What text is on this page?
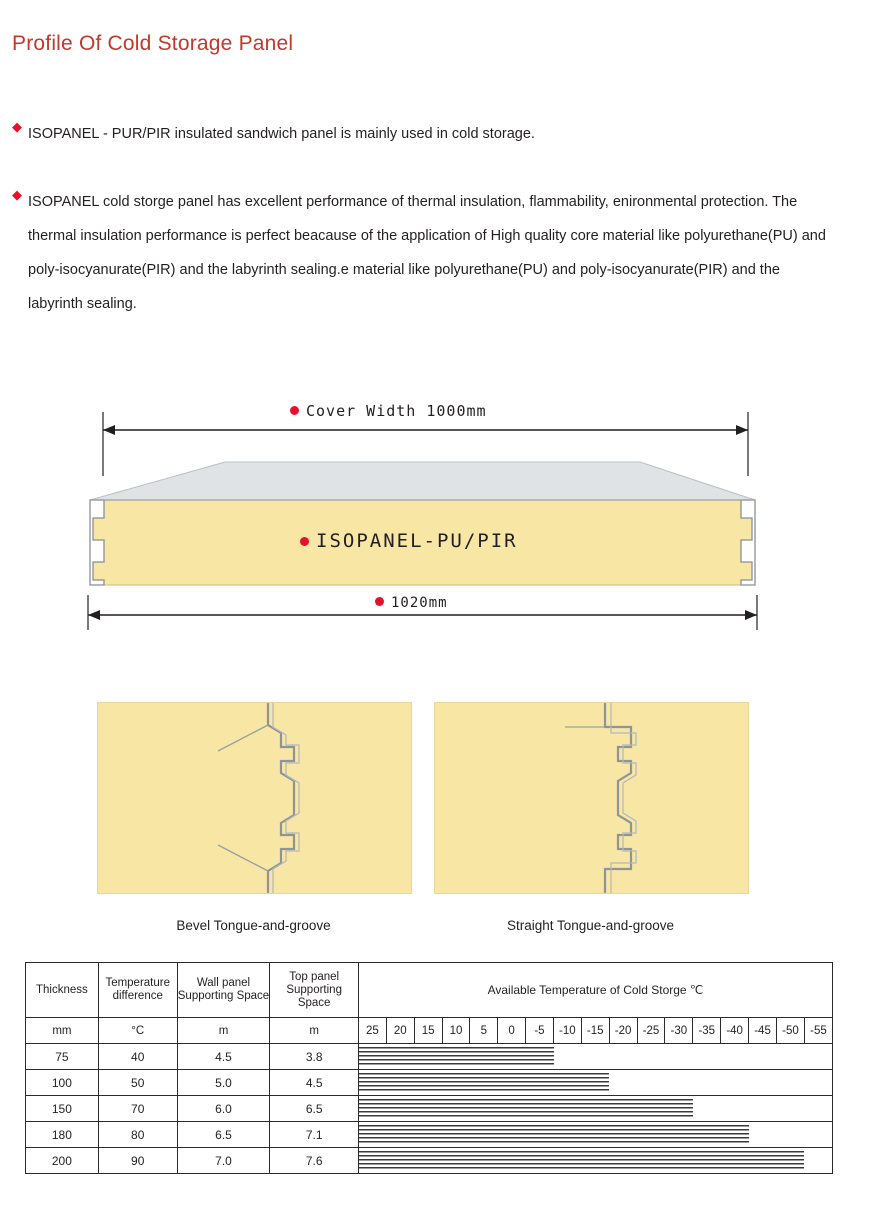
Profile Of Cold Storage Panel
◆ ISOPANEL - PUR/PIR insulated sandwich panel is mainly used in cold storage.
◆ ISOPANEL cold storge panel has excellent performance of thermal insulation, flammability, enironmental protection. The thermal insulation performance is perfect beacause of the application of High quality core material like polyurethane(PU) and poly-isocyanurate(PIR) and the labyrinth sealing.e material like polyurethane(PU) and poly-isocyanurate(PIR) and the labyrinth sealing.
Cover Width 1000mm
ISOPANEL-PU/PIR
1020mm
Bevel Tongue-and-groove	Straight Tongue-and-groove
Thickness	Temperature difference	Wall panel Supporting Space	Top panel Supporting Space	Available Temperature of Cold Storge ℃																
mm	°C	m	m	25	20	15	10	5	0	-5	-10	-15	-20	-25	-30	-35	-40	-45	-50	-55
75	40	4.5	3.8																	

100	50	5.0	4.5																	

150	70	6.0	6.5																	

180	80	6.5	7.1																	

200	90	7.0	7.6																	
